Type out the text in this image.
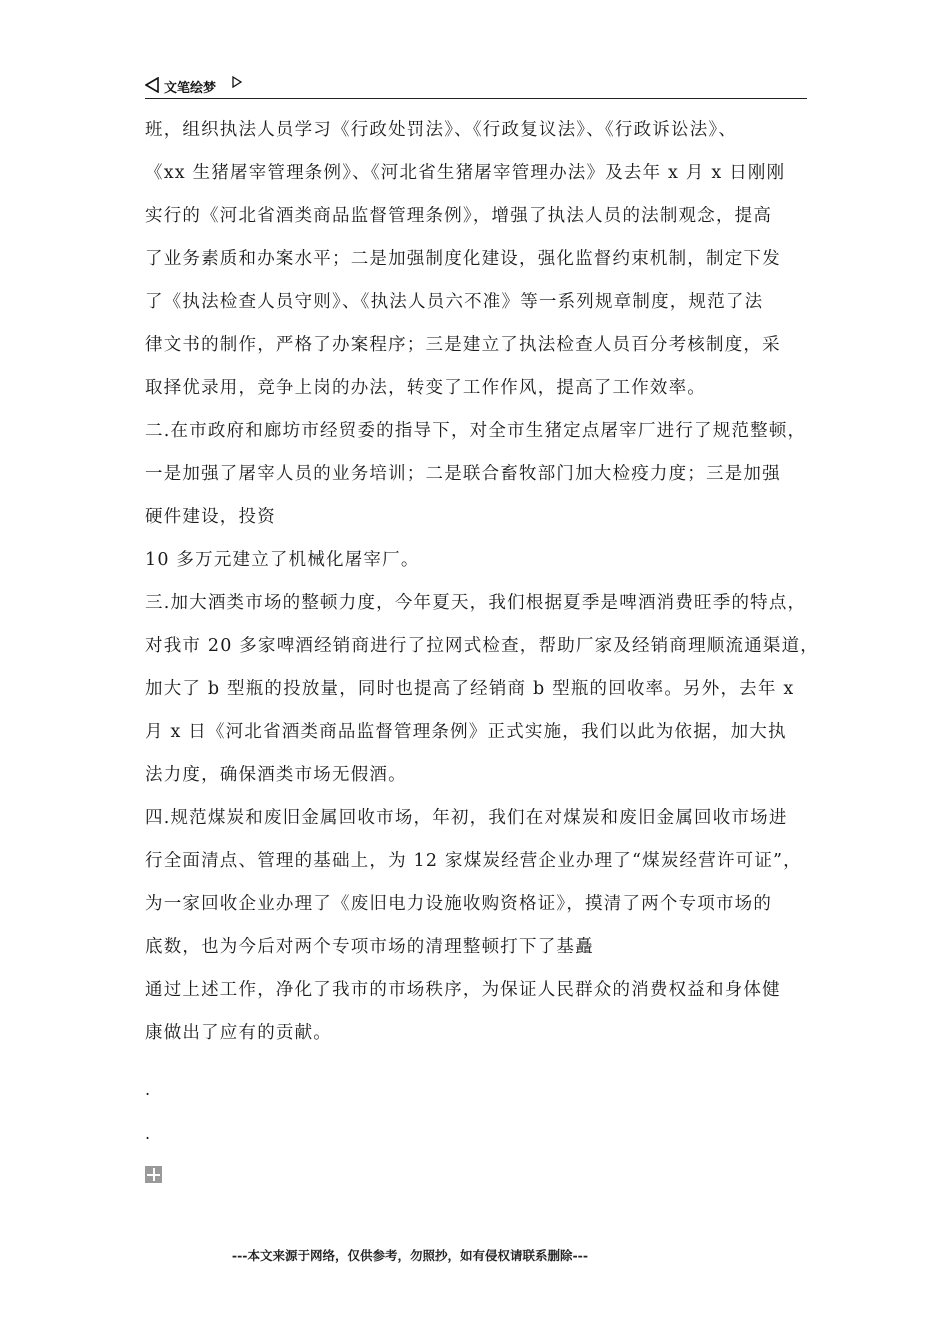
文笔绘梦
班，组织执法人员学习《行政处罚法》、《行政复议法》、《行政诉讼法》、
《xx 生猪屠宰管理条例》、《河北省生猪屠宰管理办法》及去年 x 月 x 日刚刚
实行的《河北省酒类商品监督管理条例》，增强了执法人员的法制观念，提高
了业务素质和办案水平；二是加强制度化建设，强化监督约束机制，制定下发
了《执法检查人员守则》、《执法人员六不准》等一系列规章制度，规范了法
律文书的制作，严格了办案程序；三是建立了执法检查人员百分考核制度，采
取择优录用，竞争上岗的办法，转变了工作作风，提高了工作效率。
二.在市政府和廊坊市经贸委的指导下，对全市生猪定点屠宰厂进行了规范整顿，
一是加强了屠宰人员的业务培训；二是联合畜牧部门加大检疫力度；三是加强
硬件建设，投资
10 多万元建立了机械化屠宰厂。
三.加大酒类市场的整顿力度，今年夏天，我们根据夏季是啤酒消费旺季的特点，
对我市 20 多家啤酒经销商进行了拉网式检查，帮助厂家及经销商理顺流通渠道，
加大了 b 型瓶的投放量，同时也提高了经销商 b 型瓶的回收率。另外，去年 x
月 x 日《河北省酒类商品监督管理条例》正式实施，我们以此为依据，加大执
法力度，确保酒类市场无假酒。
四.规范煤炭和废旧金属回收市场，年初，我们在对煤炭和废旧金属回收市场进
行全面清点、管理的基础上，为 12 家煤炭经营企业办理了“煤炭经营许可证”，
为一家回收企业办理了《废旧电力设施收购资格证》，摸清了两个专项市场的
底数，也为今后对两个专项市场的清理整顿打下了基矗
通过上述工作，净化了我市的市场秩序，为保证人民群众的消费权益和身体健
康做出了应有的贡献。
.
.
---本文来源于网络，仅供参考，勿照抄，如有侵权请联系删除---
